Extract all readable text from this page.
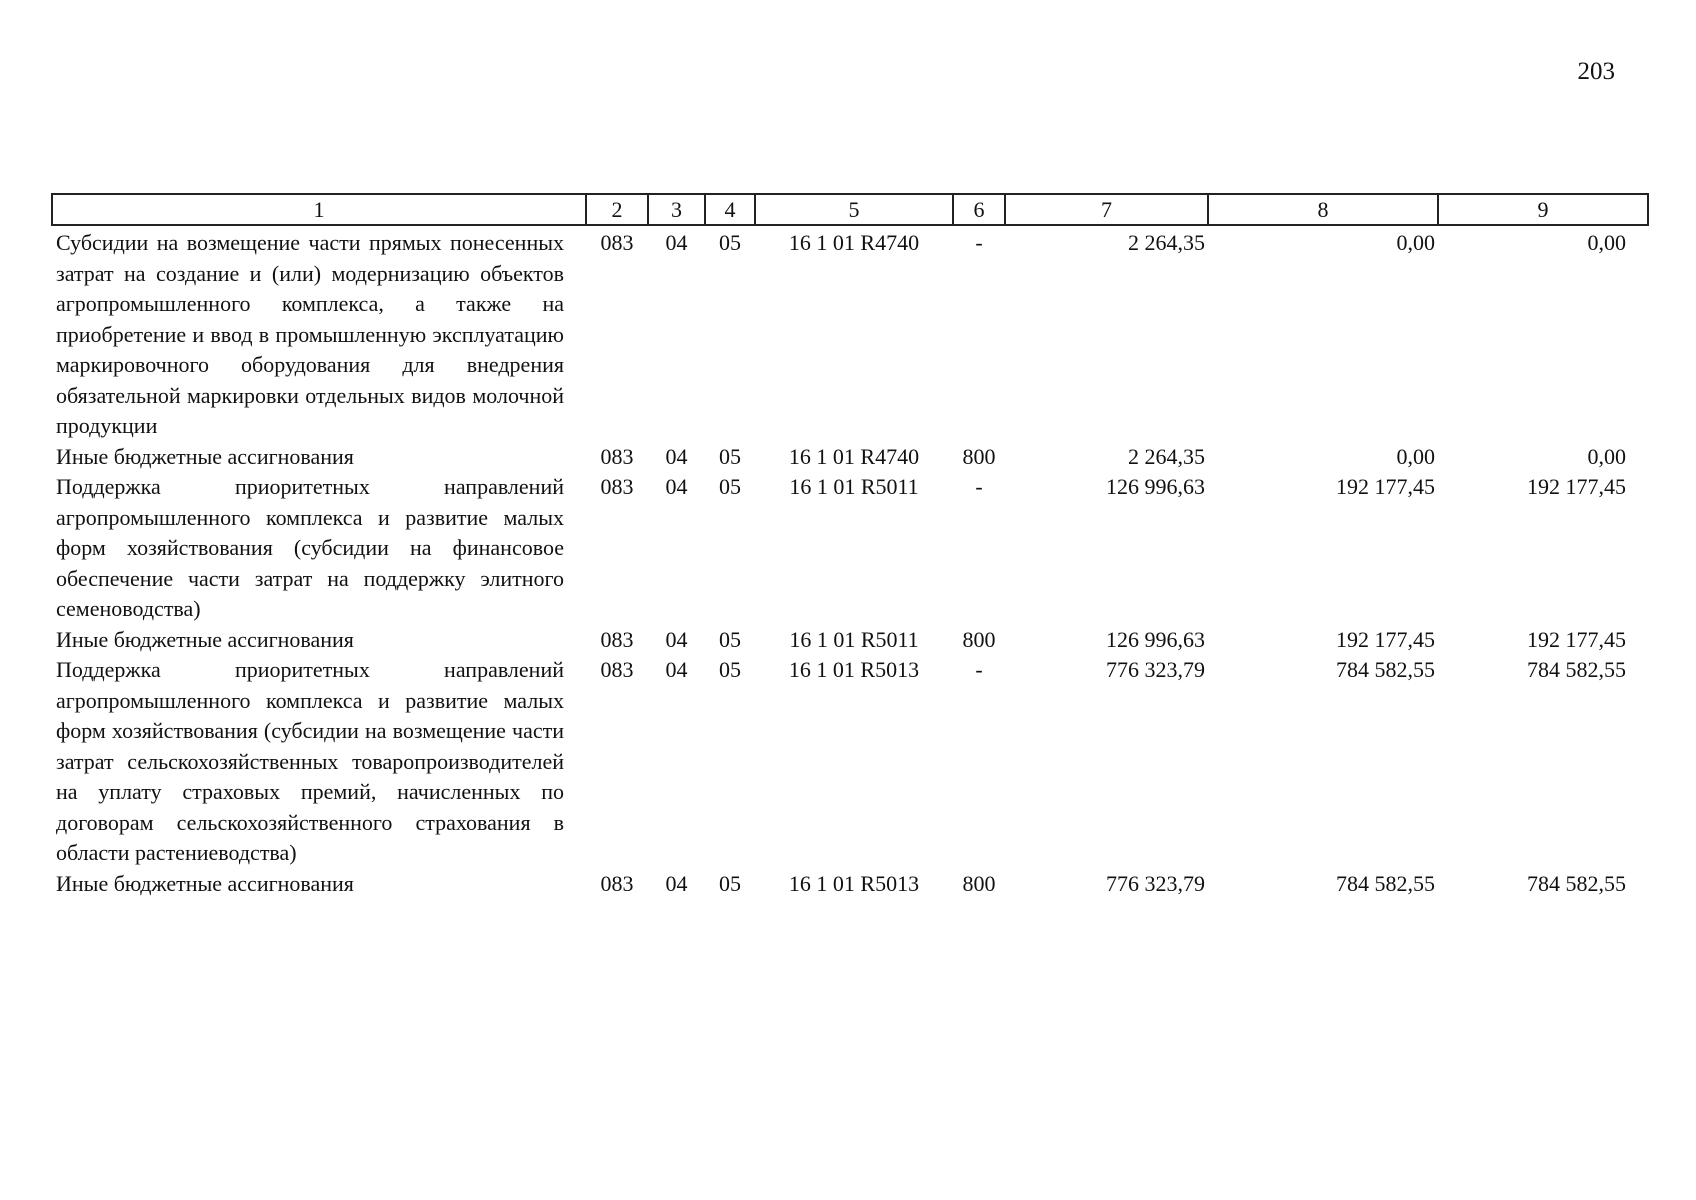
203
1	2	3	4	5	6	7	8	9
Субсидии на возмещение части прямых понесенных затрат на создание и (или) модернизацию объектов агропромышленного комплекса, а также на приобретение и ввод в промышленную эксплуатацию маркировочного оборудования для внедрения обязательной маркировки отдельных видов молочной продукции	083	04	05	16 1 01 R4740	-	2 264,35	0,00	0,00
Иные бюджетные ассигнования	083	04	05	16 1 01 R4740	800	2 264,35	0,00	0,00
Поддержка приоритетных направлений агропромышленного комплекса и развитие малых форм хозяйствования (субсидии на финансовое обеспечение части затрат на поддержку элитного семеноводства)	083	04	05	16 1 01 R5011	-	126 996,63	192 177,45	192 177,45
Иные бюджетные ассигнования	083	04	05	16 1 01 R5011	800	126 996,63	192 177,45	192 177,45
Поддержка приоритетных направлений агропромышленного комплекса и развитие малых форм хозяйствования (субсидии на возмещение части затрат сельскохозяйственных товаропроизводителей на уплату страховых премий, начисленных по договорам сельскохозяйственного страхования в области растениеводства)	083	04	05	16 1 01 R5013	-	776 323,79	784 582,55	784 582,55
Иные бюджетные ассигнования	083	04	05	16 1 01 R5013	800	776 323,79	784 582,55	784 582,55
